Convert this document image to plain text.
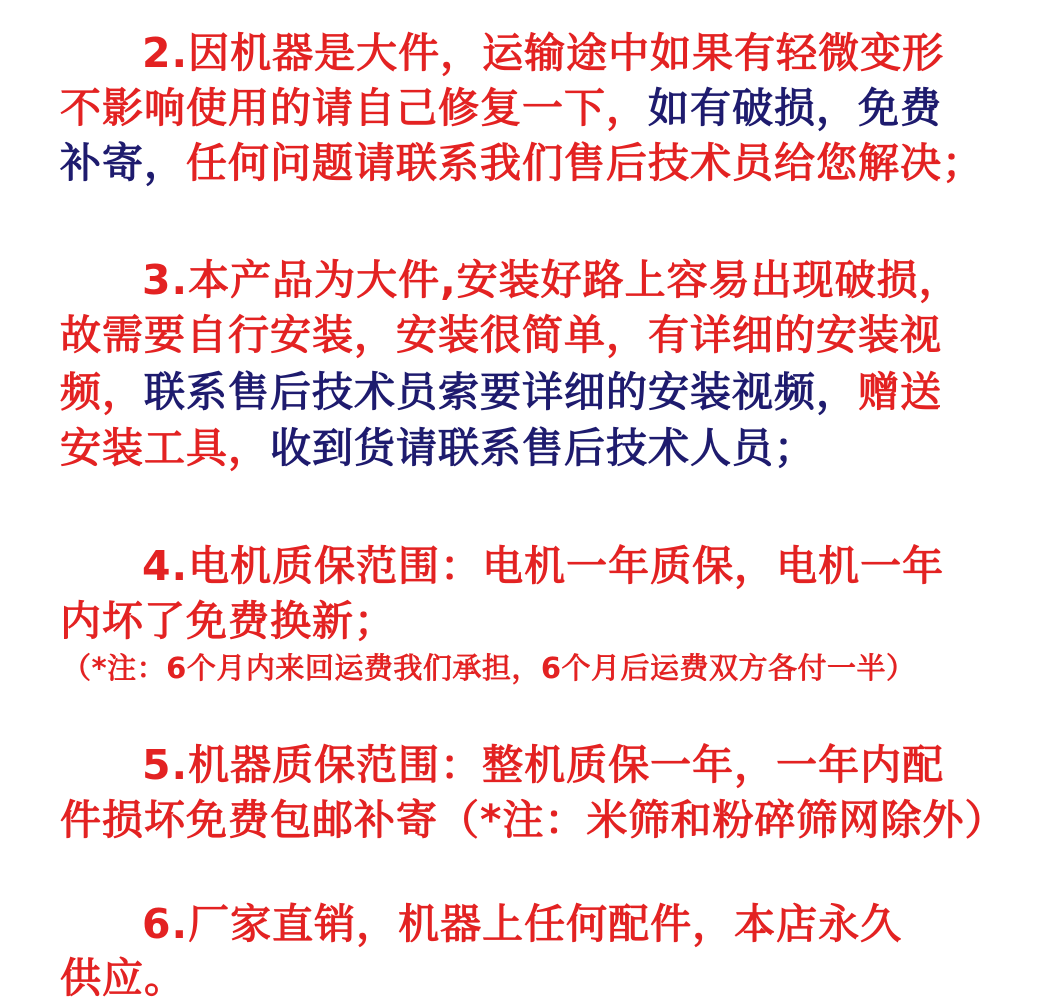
2.因机器是大件，运输途中如果有轻微变形
不影响使用的请自己修复一下，如有破损，免费
补寄，任何问题请联系我们售后技术员给您解决；
3.本产品为大件,安装好路上容易出现破损，
故需要自行安装，安装很简单，有详细的安装视
频，联系售后技术员索要详细的安装视频，赠送
安装工具，收到货请联系售后技术人员；
4.电机质保范围：电机一年质保，电机一年
内坏了免费换新；
（*注：6个月内来回运费我们承担，6个月后运费双方各付一半）
5.机器质保范围：整机质保一年，一年内配
件损坏免费包邮补寄（*注：米筛和粉碎筛网除外）
6.厂家直销，机器上任何配件，本店永久
供应。
